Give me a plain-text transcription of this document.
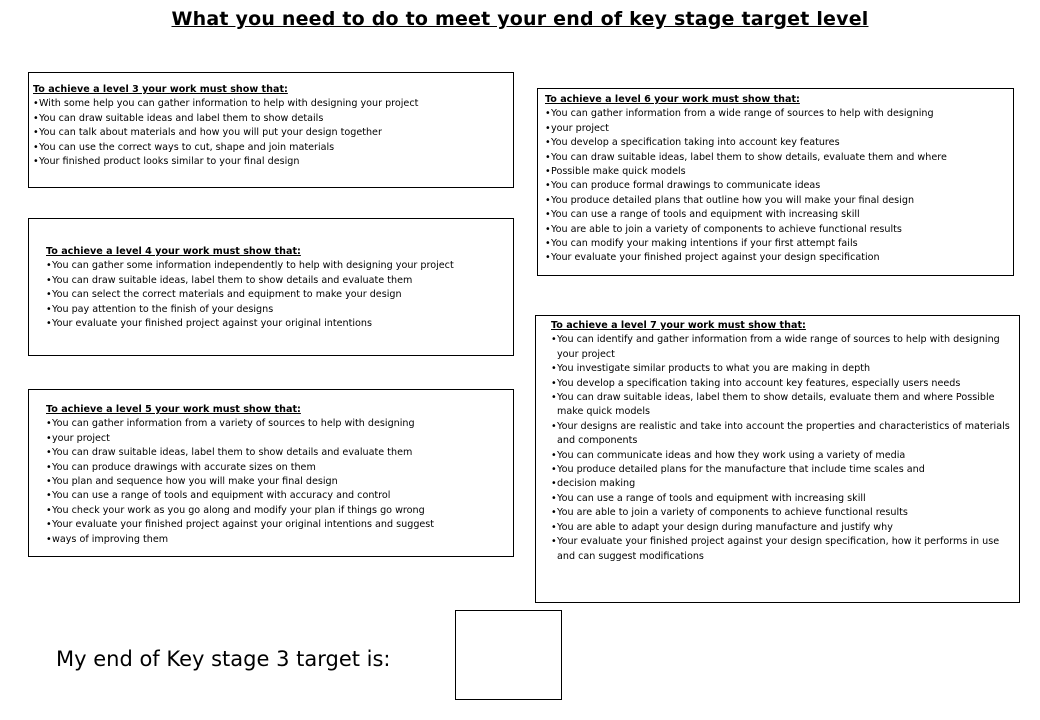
What you need to do to meet your end of key stage target level
To achieve a level 3 your work must show that:
• With some help you can gather information to help with designing your project
• You can draw suitable ideas and label them to show details
• You can talk about materials and how you will put your design together
• You can use the correct ways to cut, shape and join materials
• Your finished product looks similar to your final design
To achieve a level 4 your work must show that:
• You can gather some information independently to help with designing your project
• You can draw suitable ideas, label them to show details and evaluate them
• You can select the correct materials and equipment to make your design
• You pay attention to the finish of your designs
• Your evaluate your finished project against your original intentions
To achieve a level 5 your work must show that:
• You can gather information from a variety of sources to help with designing
• your project
• You can draw suitable ideas, label them to show details and evaluate them
• You can produce drawings with accurate sizes on them
• You plan and sequence how you will make your final design
• You can use a range of tools and equipment with accuracy and control
• You check your work as you go along and modify your plan if things go wrong
• Your evaluate your finished project against your original intentions and suggest
• ways of improving them
To achieve a level 6 your work must show that:
• You can gather information from a wide range of sources to help with designing
• your project
• You develop a specification taking into account key features
• You can draw suitable ideas, label them to show details, evaluate them and where
• Possible make quick models
• You can produce formal drawings to communicate ideas
• You produce detailed plans that outline how you will make your final design
• You can use a range of tools and equipment with increasing skill
• You are able to join a variety of components to achieve functional results
• You can modify your making intentions if your first attempt fails
• Your evaluate your finished project against your design specification
To achieve a level 7 your work must show that:
• You can identify and gather information from a wide range of sources to help with designing your project
• You investigate similar products to what you are making in depth
• You develop a specification taking into account key features, especially users needs
• You can draw suitable ideas, label them to show details, evaluate them and where Possible make quick models
• Your designs are realistic and take into account the properties and characteristics of materials and components
• You can communicate ideas and how they work using a variety of media
• You produce detailed plans for the manufacture that include time scales and
• decision making
• You can use a range of tools and equipment with increasing skill
• You are able to join a variety of components to achieve functional results
• You are able to adapt your design during manufacture and justify why
• Your evaluate your finished project against your design specification, how it performs in use and can suggest modifications
My end of Key stage 3 target is:
